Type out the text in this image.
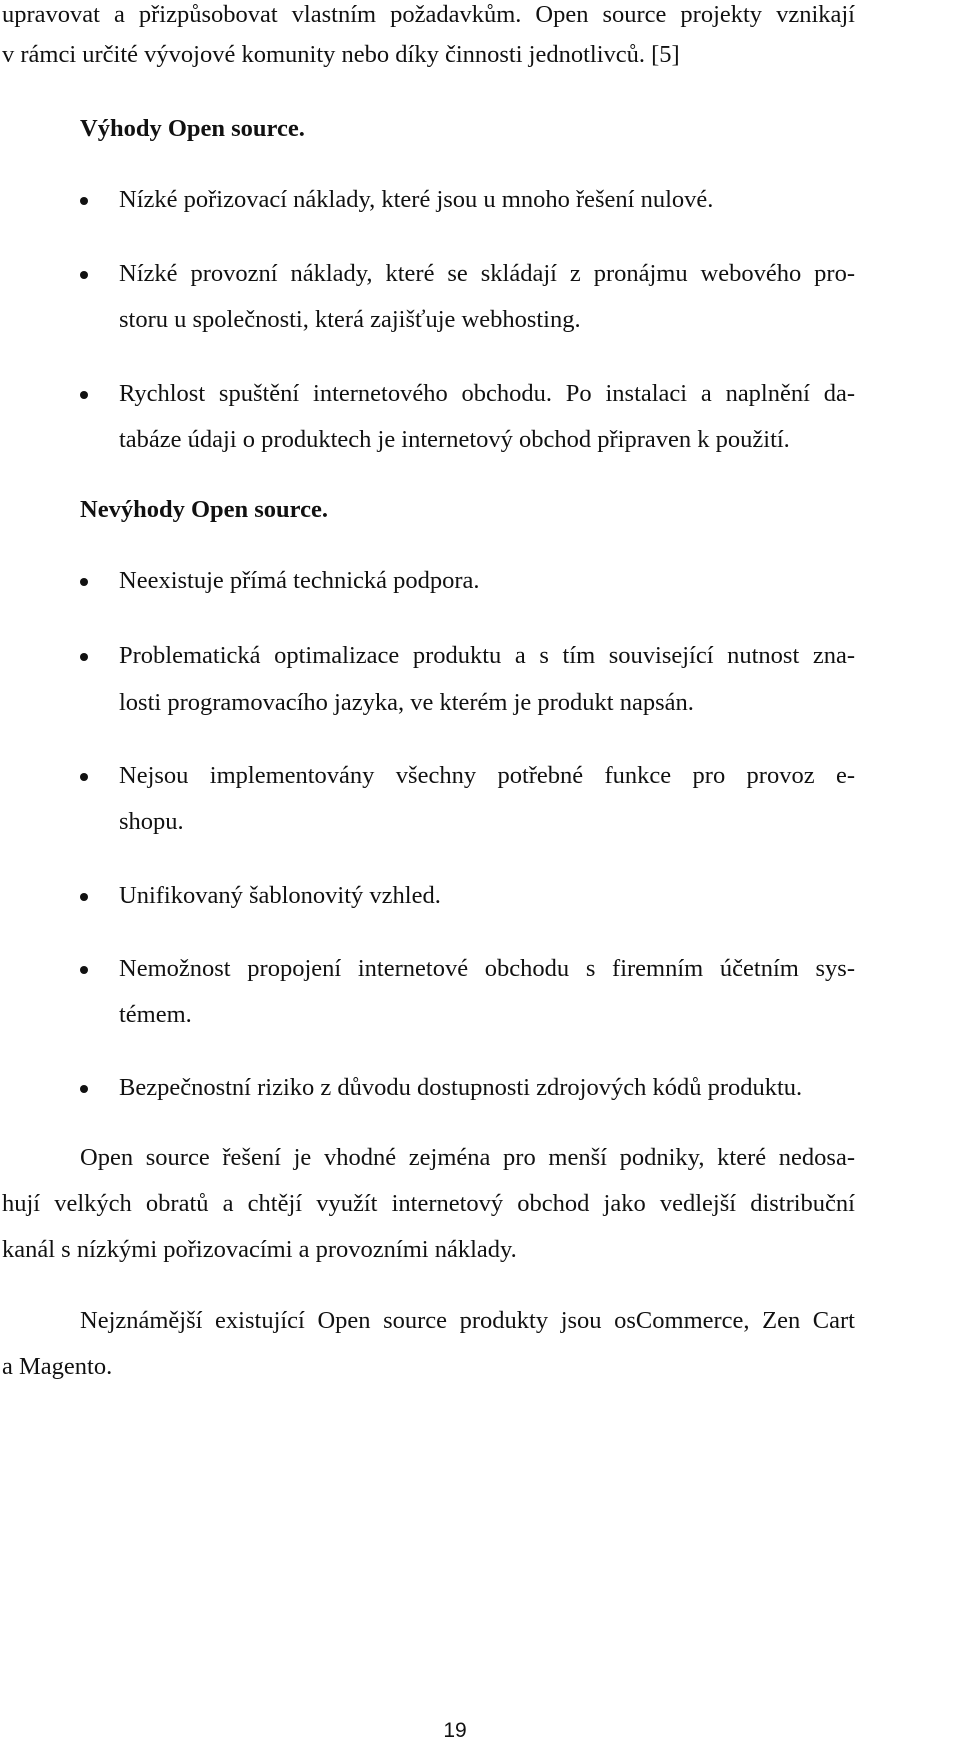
upravovat a přizpůsobovat vlastním požadavkům. Open source projekty vznikají

v rámci určité vývojové komunity nebo díky činnosti jednotlivců. [5]

Výhody Open source.

Nízké pořizovací náklady, které jsou u mnoho řešení nulové.

Nízké provozní náklady, které se skládají z pronájmu webového pro-

storu u společnosti, která zajišťuje webhosting.

Rychlost spuštění internetového obchodu. Po instalaci a naplnění da-

tabáze údaji o produktech je internetový obchod připraven k použití.

Nevýhody Open source.

Neexistuje přímá technická podpora.

Problematická optimalizace produktu a s tím související nutnost zna-

losti programovacího jazyka, ve kterém je produkt napsán.

Nejsou implementovány všechny potřebné funkce pro provoz e-

shopu.

Unifikovaný šablonovitý vzhled.

Nemožnost propojení internetové obchodu s firemním účetním sys-

témem.

Bezpečnostní riziko z důvodu dostupnosti zdrojových kódů produktu.

Open source řešení je vhodné zejména pro menší podniky, které nedosa-

hují velkých obratů a chtějí využít internetový obchod jako vedlejší distribuční

kanál s nízkými pořizovacími a provozními náklady.

Nejznámější existující Open source produkty jsou osCommerce, Zen Cart

a Magento.

19
